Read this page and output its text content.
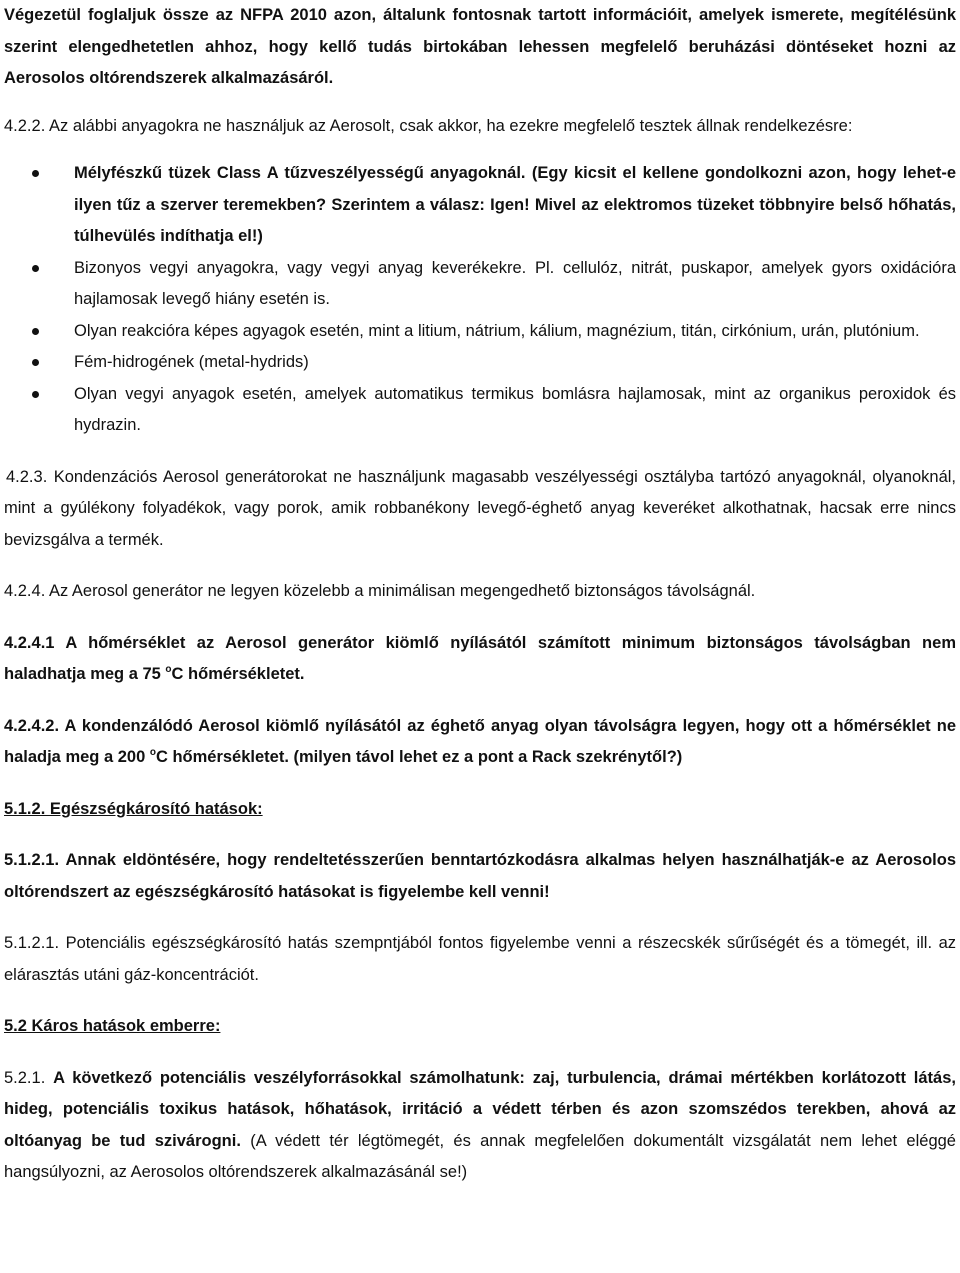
Végezetül foglaljuk össze az NFPA 2010 azon, általunk fontosnak tartott információit, amelyek ismerete, megítélésünk szerint elengedhetetlen ahhoz, hogy kellő tudás birtokában lehessen megfelelő beruházási döntéseket hozni az Aerosolos oltórendszerek alkalmazásáról.

4.2.2. Az alábbi anyagokra ne használjuk az Aerosolt, csak akkor, ha ezekre megfelelő tesztek állnak rendelkezésre:

Mélyfészkű tüzek Class A tűzveszélyességű anyagoknál. (Egy kicsit el kellene gondolkozni azon, hogy lehet-e ilyen tűz a szerver teremekben? Szerintem a válasz: Igen! Mivel az elektromos tüzeket többnyire belső hőhatás, túlhevülés indíthatja el!)
Bizonyos vegyi anyagokra, vagy vegyi anyag keverékekre. Pl. cellulóz, nitrát, puskapor, amelyek gyors oxidációra hajlamosak levegő hiány esetén is.
Olyan reakcióra képes agyagok esetén, mint a litium, nátrium, kálium, magnézium, titán, cirkónium, urán, plutónium.
Fém-hidrogének (metal-hydrids)
Olyan vegyi anyagok esetén, amelyek automatikus termikus bomlásra hajlamosak, mint az organikus peroxidok és hydrazin.

4.2.3. Kondenzációs Aerosol generátorokat ne használjunk magasabb veszélyességi osztályba tartózó anyagoknál, olyanoknál, mint a gyúlékony folyadékok, vagy porok, amik robbanékony levegő-éghető anyag keveréket alkothatnak, hacsak erre nincs bevizsgálva a termék.

4.2.4. Az Aerosol generátor ne legyen közelebb a minimálisan megengedhető biztonságos távolságnál.

4.2.4.1 A hőmérséklet az Aerosol generátor kiömlő nyílásától számított minimum biztonságos távolságban nem haladhatja meg a 75 $^o$C hőmérsékletet.

4.2.4.2. A kondenzálódó Aerosol kiömlő nyílásától az éghető anyag olyan távolságra legyen, hogy ott a hőmérséklet ne haladja meg a 200 $^o$C hőmérsékletet. (milyen távol lehet ez a pont a Rack szekrénytől?)

5.1.2. Egészségkárosító hatások:

5.1.2.1. Annak eldöntésére, hogy rendeltetésszerűen benntartózkodásra alkalmas helyen használhatják-e az Aerosolos oltórendszert az egészségkárosító hatásokat is figyelembe kell venni!

5.1.2.1. Potenciális egészségkárosító hatás szempntjából fontos figyelembe venni a részecskék sűrűségét és a tömegét, ill. az elárasztás utáni gáz-koncentrációt.

5.2 Káros hatások emberre:

5.2.1. A következő potenciális veszélyforrásokkal számolhatunk: zaj, turbulencia, drámai mértékben korlátozott látás, hideg, potenciális toxikus hatások, hőhatások, irritáció a védett térben és azon szomszédos terekben, ahová az oltóanyag be tud szivárogni. (A védett tér légtömegét, és annak megfelelően dokumentált vizsgálatát nem lehet eléggé hangsúlyozni, az Aerosolos oltórendszerek alkalmazásánál se!)
